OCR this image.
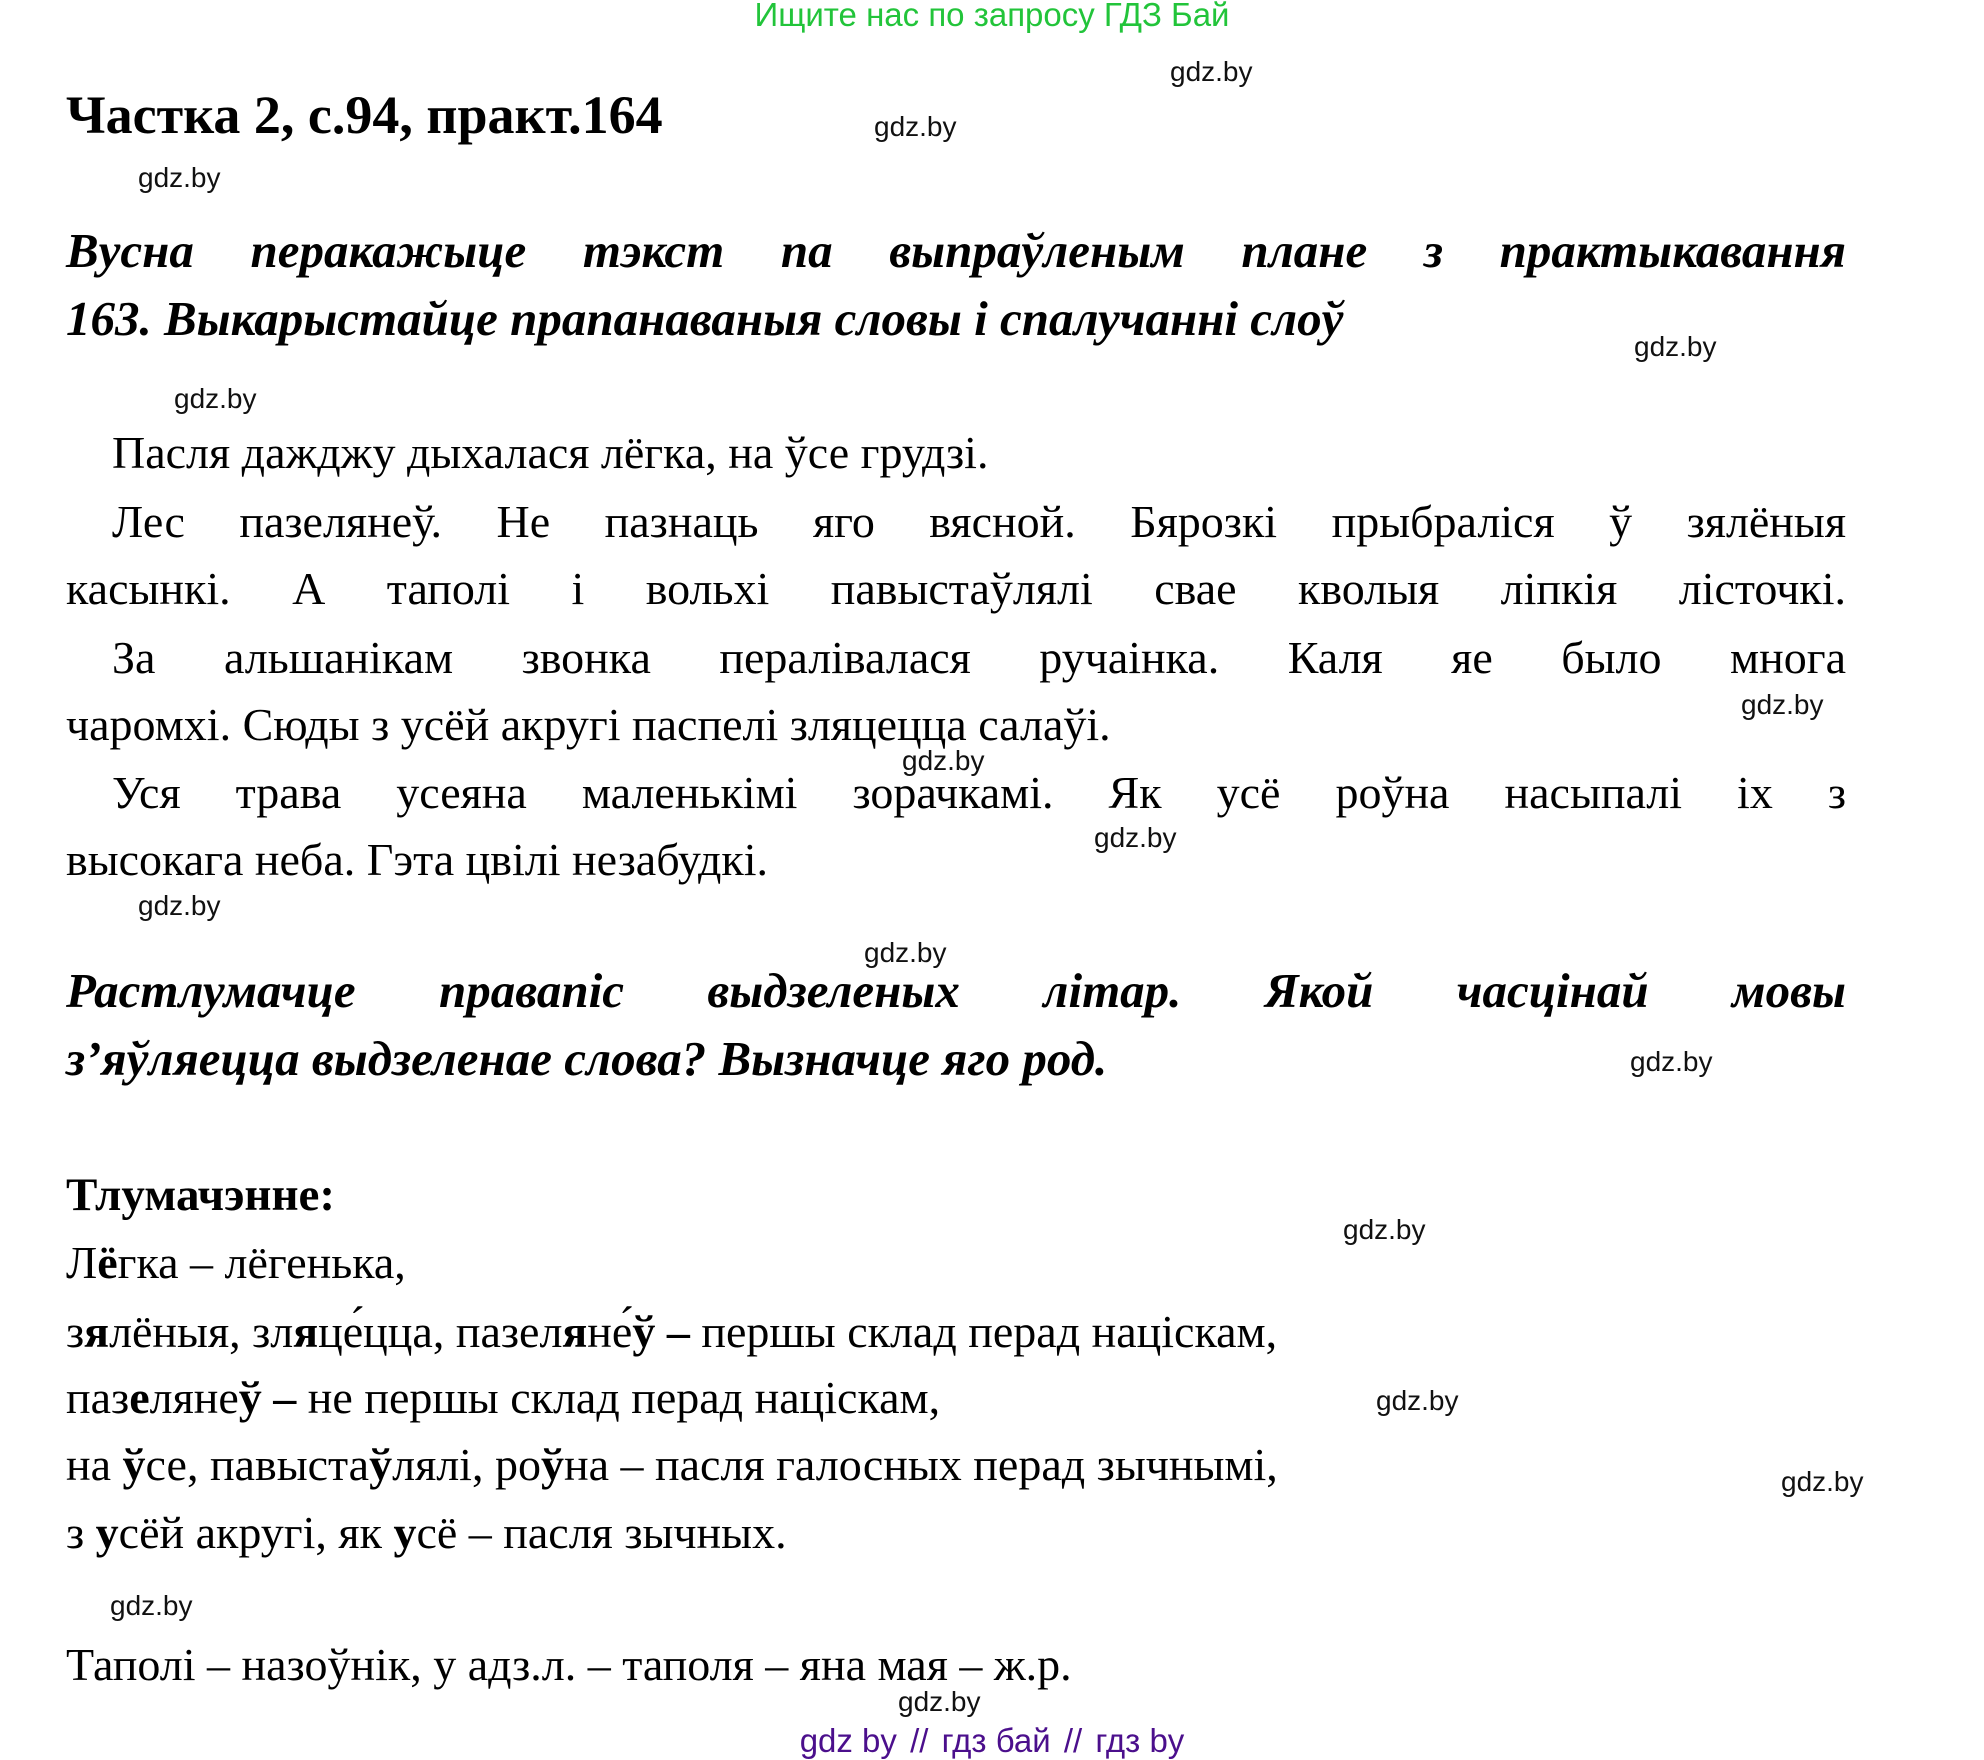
Ищите нас по запросу ГДЗ Бай
Частка 2, с.94, практ.164
Вусна перакажыце тэкст па выпраўленым плане з практыкавання
163. Выкарыстайце прапанаваныя словы і спалучанні слоў
Пасля дажджу дыхалася лёгка, на ўсе грудзі.
Лес пазелянеў. Не пазнаць яго вясной. Бярозкі прыбраліся ў зялёныя
касынкі. А таполі і вольхі павыстаўлялі свае кволыя ліпкія лісточкі.
За альшанікам звонка пералівалася ручаінка. Каля яе было многа
чаромхі. Сюды з усёй акругі паспелі зляцецца салаўі.
Уся трава усеяна маленькімі зорачкамі. Як усё роўна насыпалі іх з
высокага неба. Гэта цвілі незабудкі.
Растлумачце правапіс выдзеленых літар. Якой часцінай мовы
з’яўляецца выдзеленае слова? Вызначце яго род.
Тлумачэнне:
Лёгка – лёгенька,
зялёныя, зляце́цца, пазеляне́ў – першы склад перад націскам,
пазелянeў – не першы склад перад націскам,
на ўсе, павыстаўлялі, роўна – пасля галосных перад зычнымі,
з усёй акругі, як усё – пасля зычных.
Таполі – назоўнік, у адз.л. – таполя – яна мая – ж.р.
gdz.by
gdz.by
gdz.by
gdz.by
gdz.by
gdz.by
gdz.by
gdz.by
gdz.by
gdz.by
gdz.by
gdz.by
gdz.by
gdz.by
gdz.by
gdz.by
gdz by // гдз бай // гдз by
